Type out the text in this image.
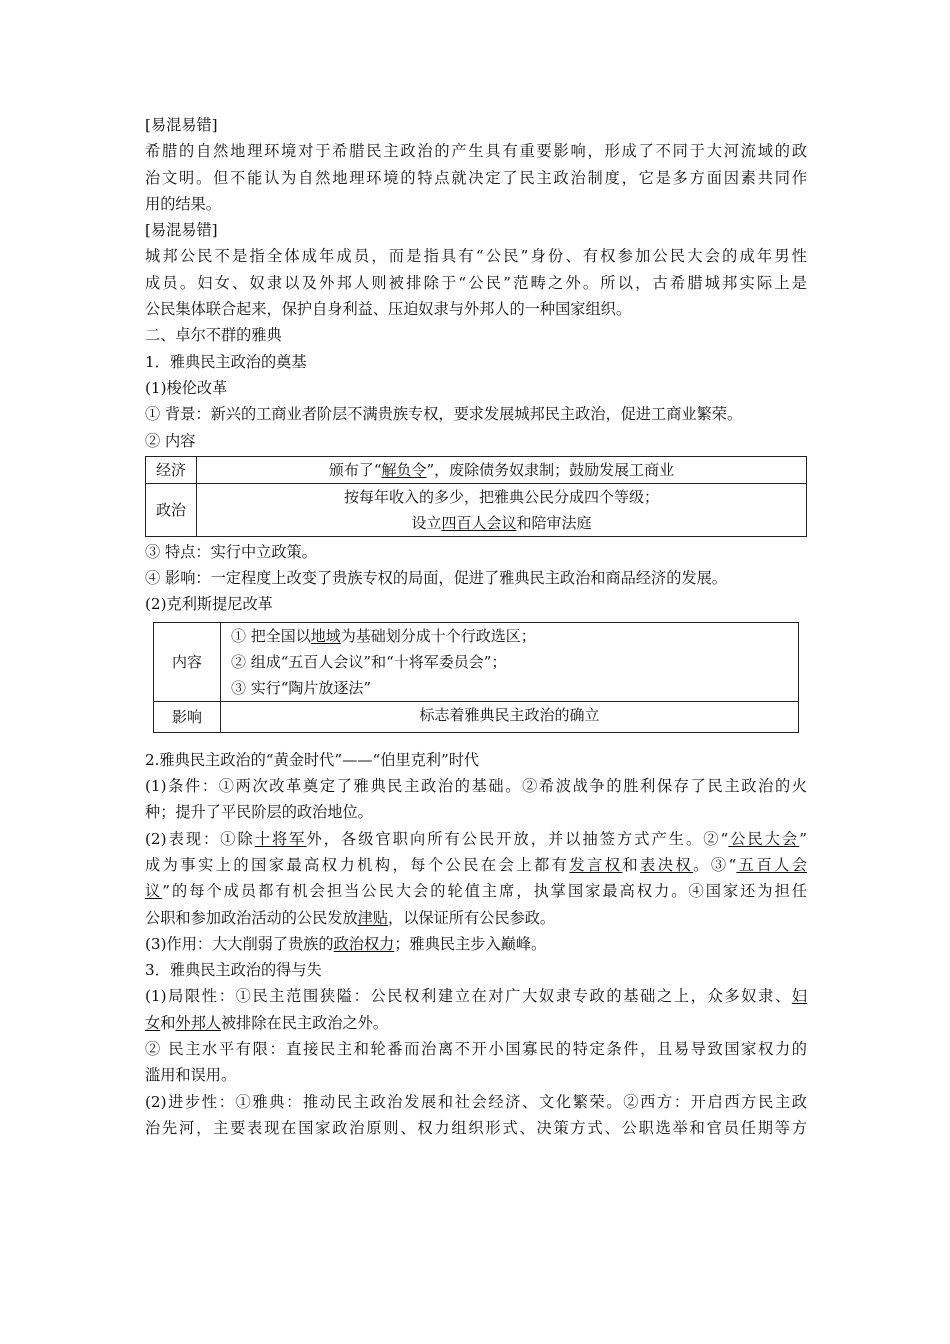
[易混易错]
希腊的自然地理环境对于希腊民主政治的产生具有重要影响，形成了不同于大河流域的政
治文明。但不能认为自然地理环境的特点就决定了民主政治制度，它是多方面因素共同作
用的结果。
[易混易错]
城邦公民不是指全体成年成员，而是指具有“公民”身份、有权参加公民大会的成年男性
成员。妇女、奴隶以及外邦人则被排除于“公民”范畴之外。所以，古希腊城邦实际上是
公民集体联合起来，保护自身利益、压迫奴隶与外邦人的一种国家组织。
二、卓尔不群的雅典
1．雅典民主政治的奠基
(1)梭伦改革
① 背景：新兴的工商业者阶层不满贵族专权，要求发展城邦民主政治，促进工商业繁荣。
② 内容
经济	颁布了“解负令”，废除债务奴隶制；鼓励发展工商业
政治	按每年收入的多少，把雅典公民分成四个等级；
设立四百人会议和陪审法庭
③ 特点：实行中立政策。
④ 影响：一定程度上改变了贵族专权的局面，促进了雅典民主政治和商品经济的发展。
(2)克利斯提尼改革
内容	① 把全国以地域为基础划分成十个行政选区；
② 组成“五百人会议”和“十将军委员会”；
③ 实行“陶片放逐法”

影响	标志着雅典民主政治的确立
2.雅典民主政治的“黄金时代”——“伯里克利”时代
(1)条件：①两次改革奠定了雅典民主政治的基础。②希波战争的胜利保存了民主政治的火
种；提升了平民阶层的政治地位。
(2)表现：①除十将军外，各级官职向所有公民开放，并以抽签方式产生。②“公民大会”
成为事实上的国家最高权力机构，每个公民在会上都有发言权和表决权。③“五百人会
议”的每个成员都有机会担当公民大会的轮值主席，执掌国家最高权力。④国家还为担任
公职和参加政治活动的公民发放津贴，以保证所有公民参政。
(3)作用：大大削弱了贵族的政治权力；雅典民主步入巅峰。
3．雅典民主政治的得与失
(1)局限性：①民主范围狭隘：公民权利建立在对广大奴隶专政的基础之上，众多奴隶、妇
女和外邦人被排除在民主政治之外。
② 民主水平有限：直接民主和轮番而治离不开小国寡民的特定条件，且易导致国家权力的
滥用和误用。
(2)进步性：①雅典：推动民主政治发展和社会经济、文化繁荣。②西方：开启西方民主政
治先河，主要表现在国家政治原则、权力组织形式、决策方式、公职选举和官员任期等方
